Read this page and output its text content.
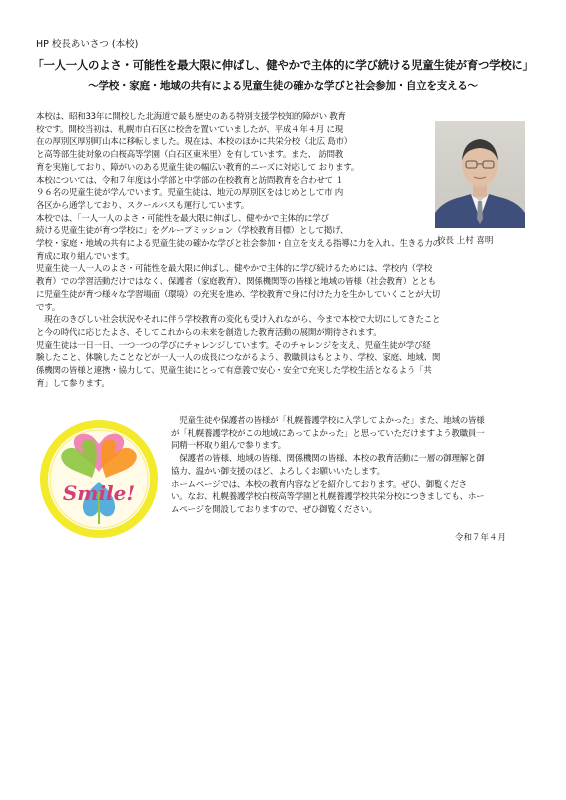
HP 校長あいさつ (本校)
「一人一人のよさ・可能性を最大限に伸ばし、健やかで主体的に学び続ける児童生徒が育つ学校に」
～学校・家庭・地域の共有による児童生徒の確かな学びと社会参加・自立を支える～
本校は、昭和33年に開校した北海道で最も歴史のある特別支援学校知的障がい 教育
校です。開校当初は、札幌市白石区に校舎を置いていましたが、平成４年４月 に現
在の厚別区厚別町山本に移転しました。現在は、本校のほかに共栄分校（北広 島市）
と高等部生徒対象の白桜高等学園（白石区東米里）を有しています。また、 訪問教
育を実施しており、障がいのある児童生徒の幅広い教育的ニーズに対応して おります。
本校については、令和７年度は小学部と中学部の在校教育と訪問教育を合わせて １
９６名の児童生徒が学んでいます。児童生徒は、地元の厚別区をはじめとして市 内
各区から通学しており、スクールバスも運行しています。
本校では、「一人一人のよさ・可能性を最大限に伸ばし、健やかで主体的に学び
続ける児童生徒が育つ学校に」をグループミッション（学校教育目標）として掲げ、
校長 上村 喜明
学校・家庭・地域の共有による児童生徒の確かな学びと社会参加・自立を支える指導に力を入れ、生きる力の
育成に取り組んでいます。
児童生徒一人一人のよさ・可能性を最大限に伸ばし、健やかで主体的に学び続けるためには、学校内（学校
教育）での学習活動だけではなく、保護者（家庭教育）、関係機関等の皆様と地域の皆様（社会教育）ととも
に児童生徒が育つ様々な学習場面（環境）の充実を進め、学校教育で身に付けた力を生かしていくことが大切
です。
　現在のきびしい社会状況やそれに伴う学校教育の変化も受け入れながら、今まで本校で大切にしてきたこと
と今の時代に応じたよさ、そしてこれからの未来を創造した教育活動の展開が期待されます。
児童生徒は一日一日、一つ一つの学びにチャレンジしています。そのチャレンジを支え、児童生徒が学び経
験したこと、体験したことなどが一人一人の成長につながるよう、教職員はもとより、学校、家庭、地域、関
係機関の皆様と連携・協力して、児童生徒にとって有意義で安心・安全で充実した学校生活となるよう「共
育」して参ります。
Smile!
　児童生徒や保護者の皆様が「札幌養護学校に入学してよかった」また、地域の皆様
が「札幌養護学校がこの地域にあってよかった」と思っていただけますよう教職員一
同精一杯取り組んで参ります。
　保護者の皆様、地域の皆様、関係機関の皆様、本校の教育活動に一層の御理解と御
協力、温かい御支援のほど、よろしくお願いいたします。
ホームページでは、本校の教育内容などを紹介しております。ぜひ、御覧くださ
い。なお、札幌養護学校白桜高等学園と札幌養護学校共栄分校につきましても、ホー
ムページを開設しておりますので、ぜひ御覧ください。
令和７年４月
